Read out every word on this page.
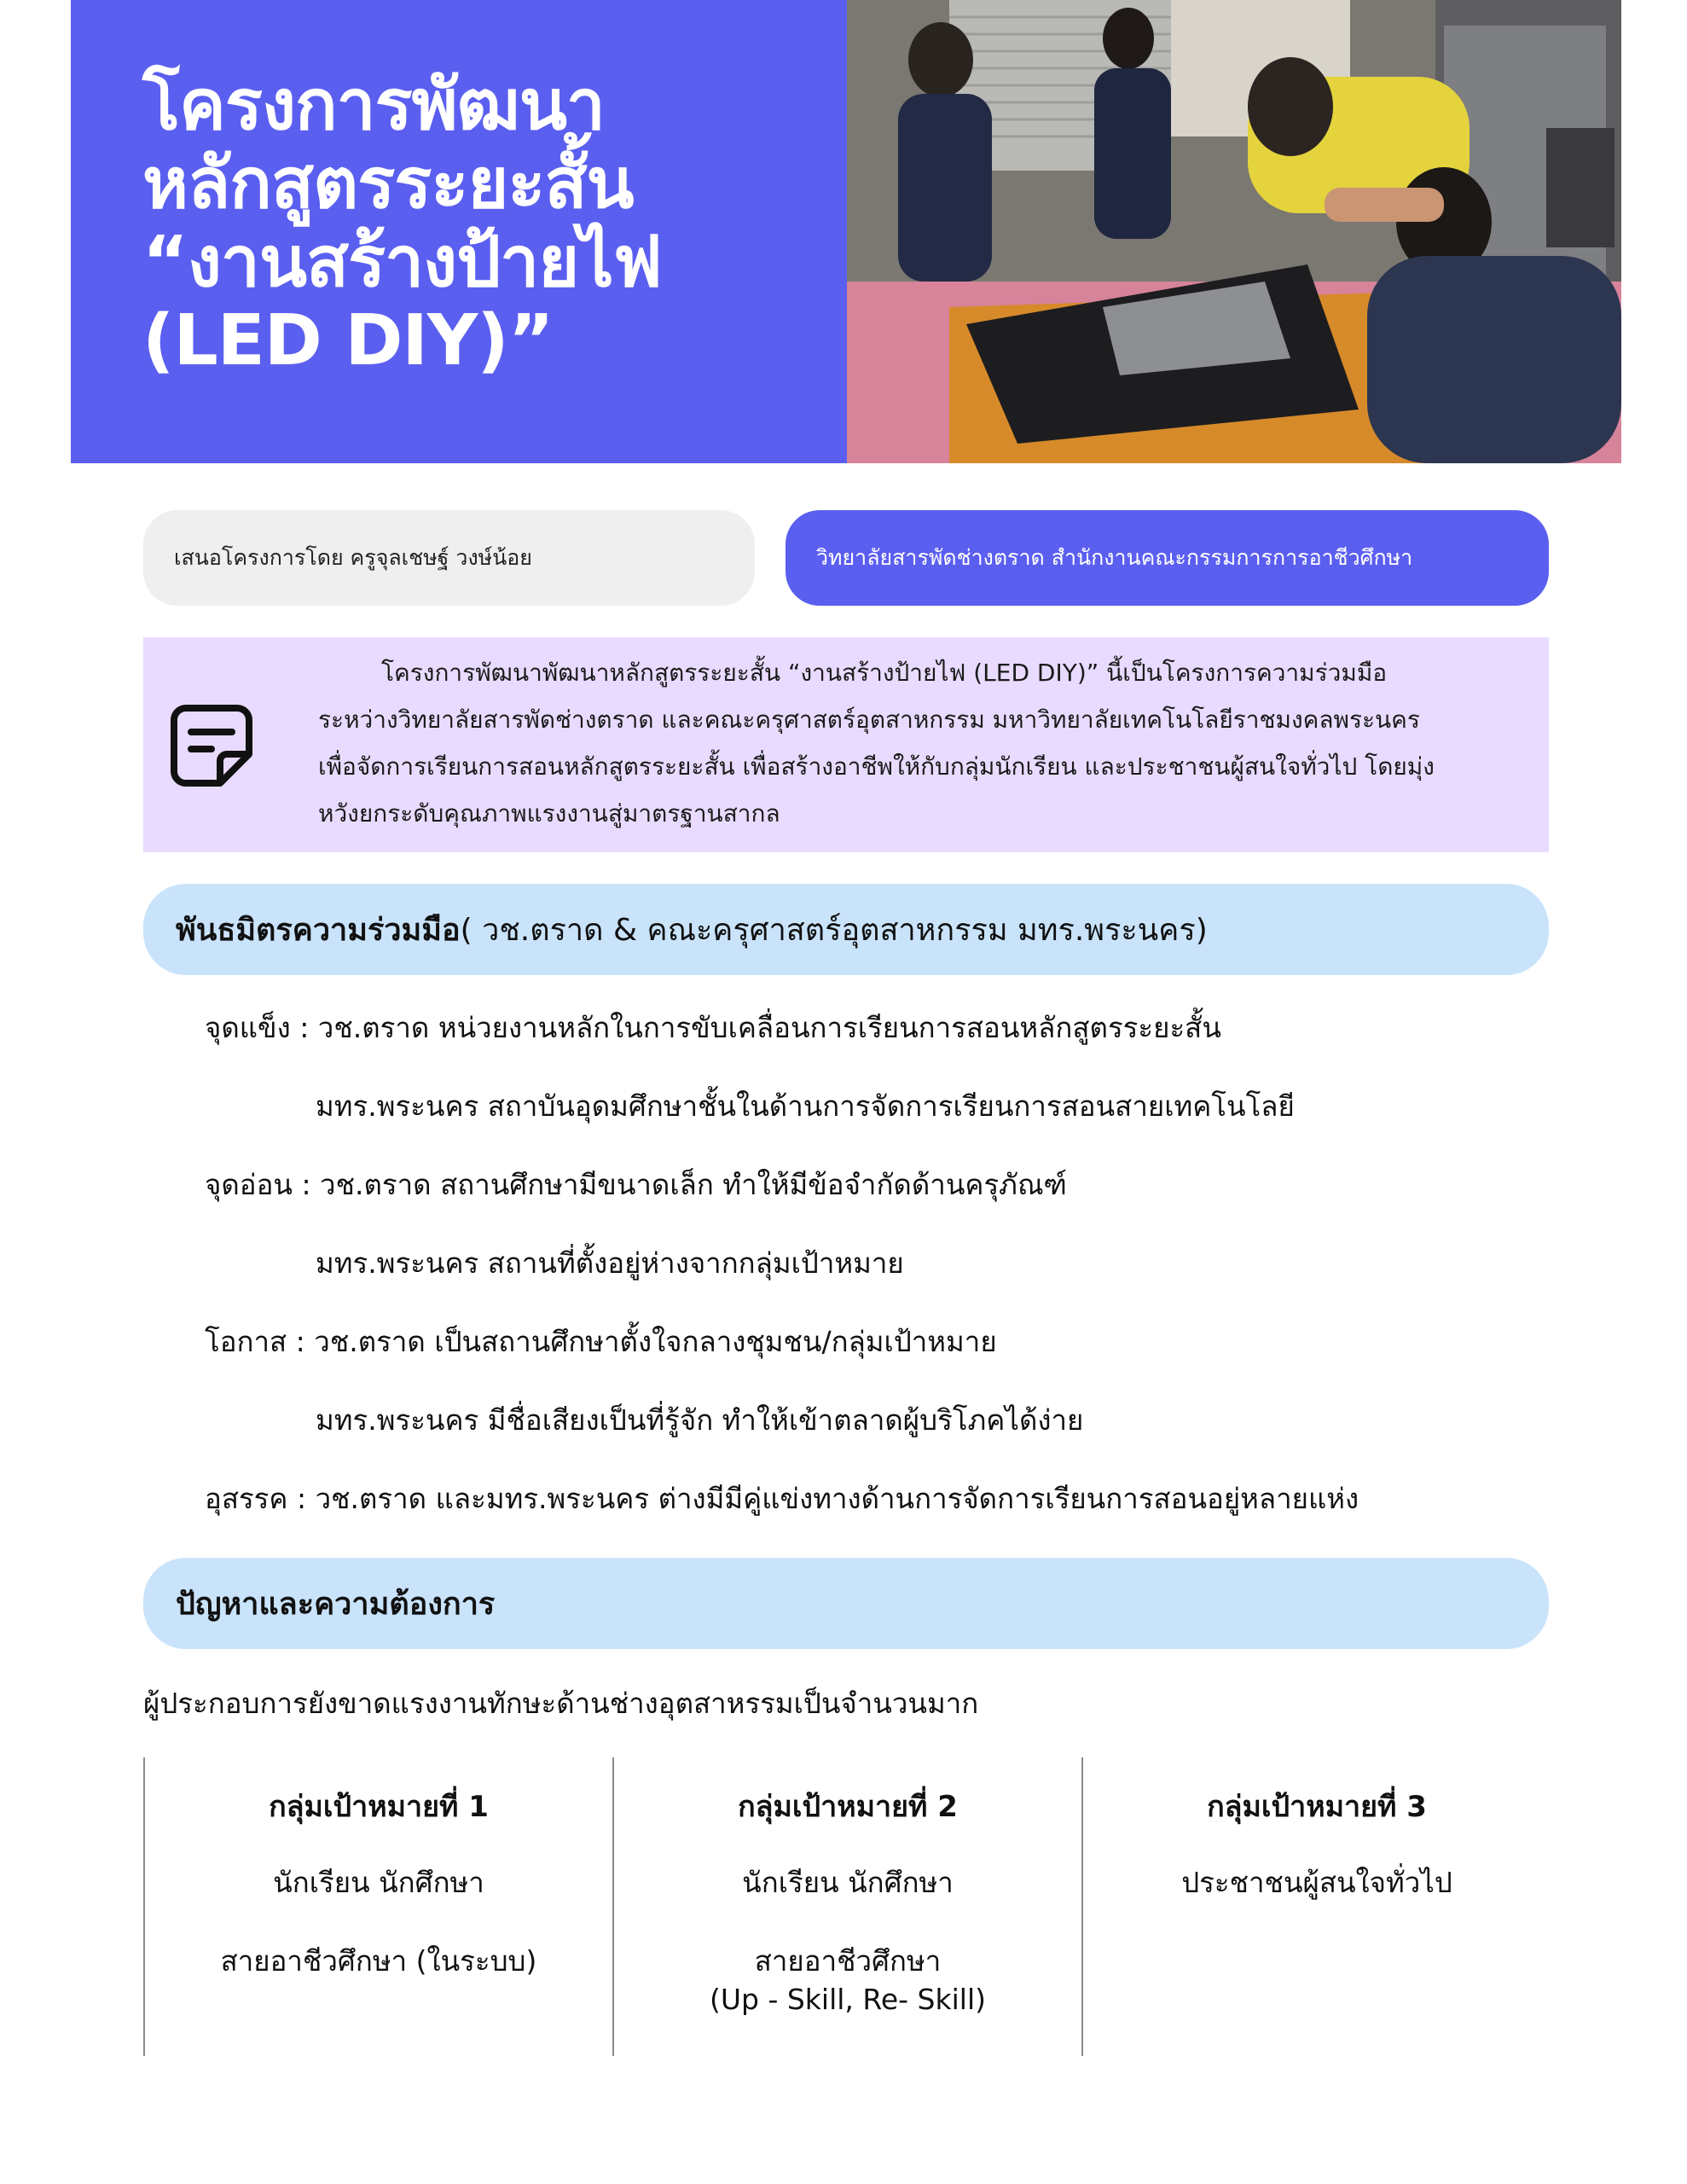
โครงการพัฒนา
หลักสูตรระยะสั้น
“งานสร้างป้ายไฟ
(LED DIY)”
เสนอโครงการโดย ครูจุลเชษฐ์ วงษ์น้อย	วิทยาลัยสารพัดช่างตราด สำนักงานคณะกรรมการการอาชีวศึกษา
โครงการพัฒนาพัฒนาหลักสูตรระยะสั้น “งานสร้างป้ายไฟ (LED DIY)” นี้เป็นโครงการความร่วมมือ
ระหว่างวิทยาลัยสารพัดช่างตราด และคณะครุศาสตร์อุตสาหกรรม มหาวิทยาลัยเทคโนโลยีราชมงคลพระนคร
เพื่อจัดการเรียนการสอนหลักสูตรระยะสั้น เพื่อสร้างอาชีพให้กับกลุ่มนักเรียน และประชาชนผู้สนใจทั่วไป โดยมุ่ง
หวังยกระดับคุณภาพแรงงานสู่มาตรฐานสากล
พันธมิตรความร่วมมือ ( วช.ตราด & คณะครุศาสตร์อุตสาหกรรม มทร.พระนคร)
จุดแข็ง : วช.ตราด หน่วยงานหลักในการขับเคลื่อนการเรียนการสอนหลักสูตรระยะสั้น
มทร.พระนคร สถาบันอุดมศึกษาชั้นในด้านการจัดการเรียนการสอนสายเทคโนโลยี
จุดอ่อน : วช.ตราด สถานศึกษามีขนาดเล็ก ทำให้มีข้อจำกัดด้านครุภัณฑ์
มทร.พระนคร สถานที่ตั้งอยู่ห่างจากกลุ่มเป้าหมาย
โอกาส : วช.ตราด เป็นสถานศึกษาตั้งใจกลางชุมชน/กลุ่มเป้าหมาย
มทร.พระนคร มีชื่อเสียงเป็นที่รู้จัก ทำให้เข้าตลาดผู้บริโภคได้ง่าย
อุสรรค : วช.ตราด และมทร.พระนคร ต่างมีมีคู่แข่งทางด้านการจัดการเรียนการสอนอยู่หลายแห่ง
ปัญหาและความต้องการ
ผู้ประกอบการยังขาดแรงงานทักษะด้านช่างอุตสาหรรมเป็นจำนวนมาก
กลุ่มเป้าหมายที่ 1
นักเรียน นักศึกษา
สายอาชีวศึกษา (ในระบบ)
กลุ่มเป้าหมายที่ 2
นักเรียน นักศึกษา
สายอาชีวศึกษา
(Up - Skill, Re- Skill)
กลุ่มเป้าหมายที่ 3
ประชาชนผู้สนใจทั่วไป
